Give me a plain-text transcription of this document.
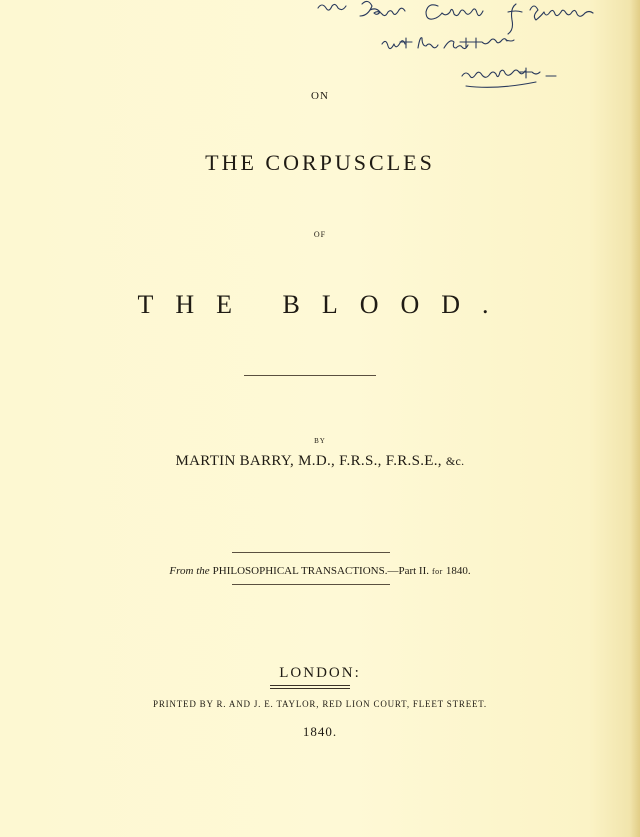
ON
THE CORPUSCLES
OF
THE BLOOD.
BY
MARTIN BARRY, M.D., F.R.S., F.R.S.E., &c.
From the PHILOSOPHICAL TRANSACTIONS.—Part II. for 1840.
LONDON:
PRINTED BY R. AND J. E. TAYLOR, RED LION COURT, FLEET STREET.
1840.
